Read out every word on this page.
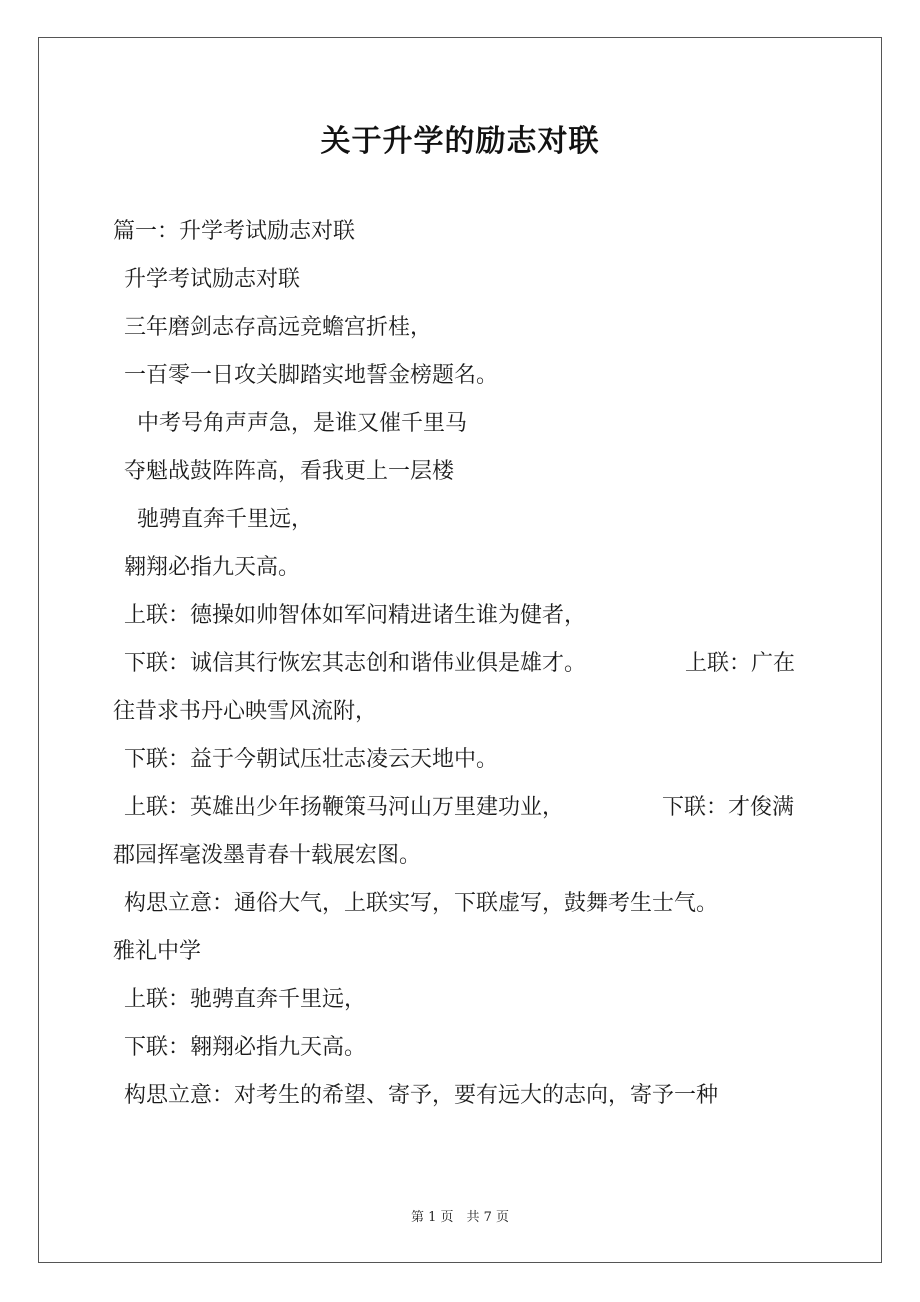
关于升学的励志对联
篇一：升学考试励志对联
升学考试励志对联
三年磨剑志存高远竞蟾宫折桂，
一百零一日攻关脚踏实地誓金榜题名。
中考号角声声急，是谁又催千里马
夺魁战鼓阵阵高，看我更上一层楼
驰骋直奔千里远，
翱翔必指九天高。
上联：德操如帅智体如军问精进诸生谁为健者，
下联：诚信其行恢宏其志创和谐伟业俱是雄才。	上联：广在
往昔求书丹心映雪风流附，
下联：益于今朝试压壮志凌云天地中。
上联：英雄出少年扬鞭策马河山万里建功业，	下联：才俊满
郡园挥毫泼墨青春十载展宏图。
构思立意：通俗大气，上联实写，下联虚写，鼓舞考生士气。
雅礼中学
上联：驰骋直奔千里远，
下联：翱翔必指九天高。
构思立意：对考生的希望、寄予，要有远大的志向，寄予一种
第 1 页　共 7 页
